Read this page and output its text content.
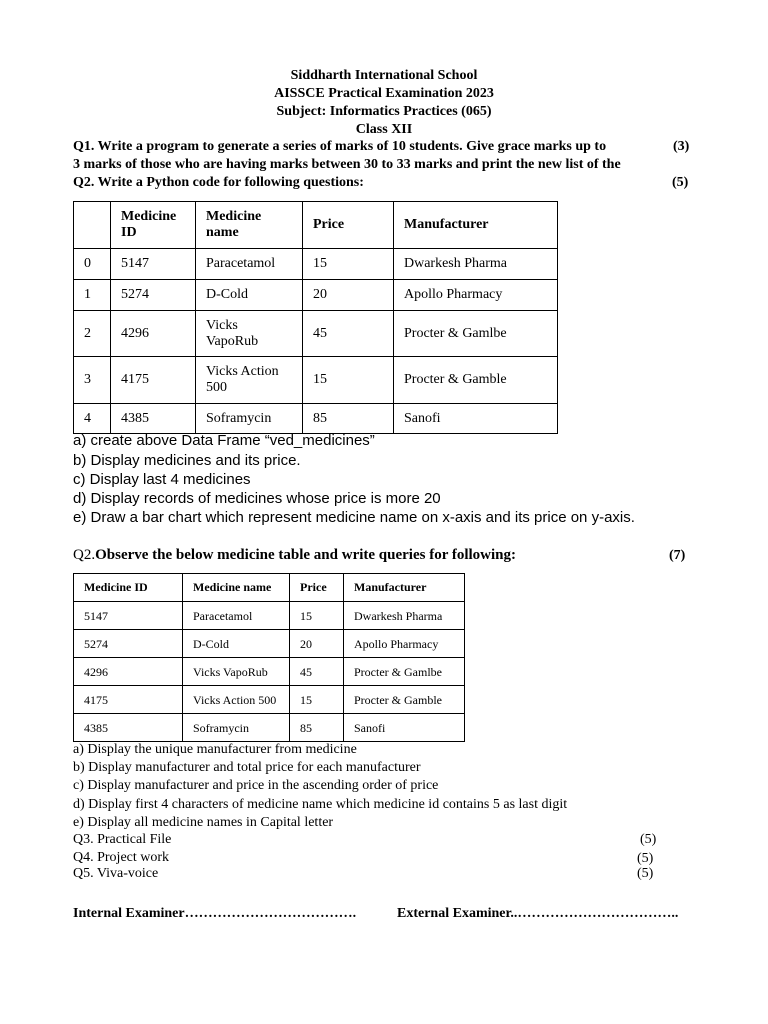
Siddharth International School
AISSCE Practical Examination 2023
Subject: Informatics Practices (065)
Class XII
Q1. Write a program to generate a series of marks of 10 students. Give grace marks up to	(3)
3 marks of those who are having marks between 30 to 33 marks and print the new list of the
Q2. Write a Python code for following questions:	(5)
	Medicine ID	Medicine name	Price	Manufacturer
0	5147	Paracetamol	15	Dwarkesh Pharma
1	5274	D-Cold	20	Apollo Pharmacy
2	4296	Vicks VapoRub	45	Procter & Gamlbe
3	4175	Vicks Action 500	15	Procter & Gamble
4	4385	Soframycin	85	Sanofi
a) create above Data Frame “ved_medicines”
b) Display medicines and its price.
c) Display last 4 medicines
d) Display records of medicines whose price is more 20
e) Draw a bar chart which represent medicine name on x-axis and its price on y-axis.
Q2.Observe the below medicine table and write queries for following:	(7)
Medicine ID	Medicine name	Price	Manufacturer
5147	Paracetamol	15	Dwarkesh Pharma
5274	D-Cold	20	Apollo Pharmacy
4296	Vicks VapoRub	45	Procter & Gamlbe
4175	Vicks Action 500	15	Procter & Gamble
4385	Soframycin	85	Sanofi
a) Display the unique manufacturer from medicine
b) Display manufacturer and total price for each manufacturer
c) Display manufacturer and price in the ascending order of price
d) Display first 4 characters of medicine name which medicine id contains 5 as last digit
e) Display all medicine names in Capital letter
Q3. Practical File	(5)
Q4. Project work	(5)
Q5. Viva-voice	(5)
Internal Examiner……………………………….	External Examiner..……………………………..
